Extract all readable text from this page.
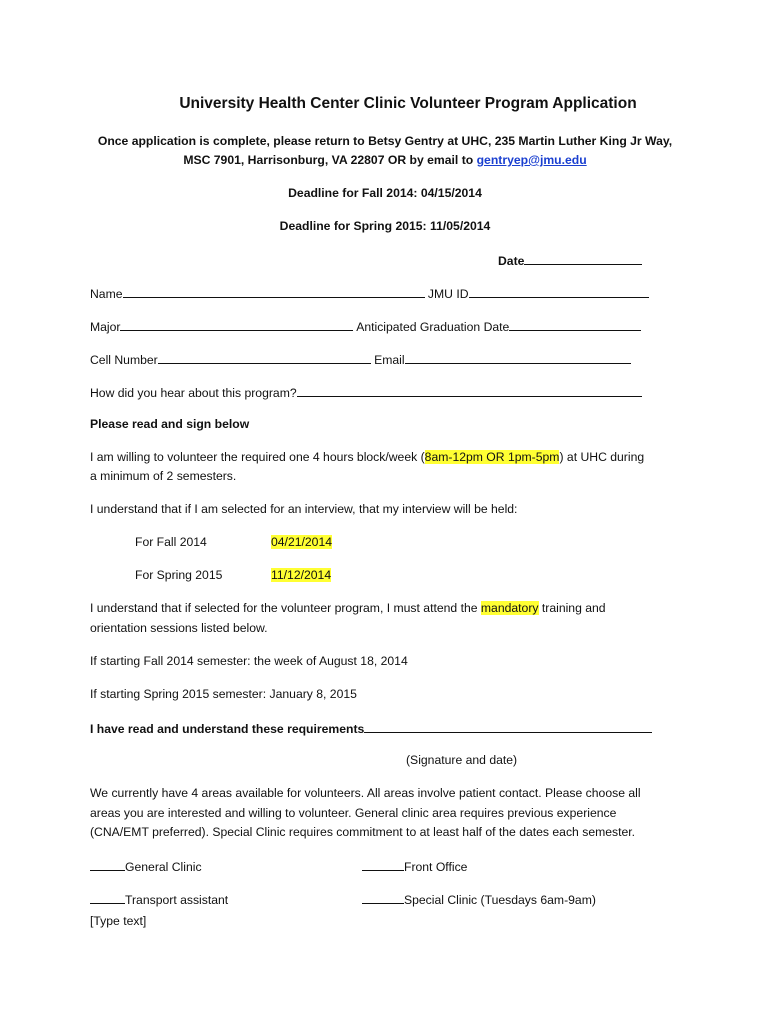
University Health Center Clinic Volunteer Program Application
Once application is complete, please return to Betsy Gentry at UHC, 235 Martin Luther King Jr Way,
MSC 7901, Harrisonburg, VA 22807 OR by email to gentryep@jmu.edu
Deadline for Fall 2014: 04/15/2014
Deadline for Spring 2015: 11/05/2014
Date
Name	JMU ID
Major	Anticipated Graduation Date
Cell Number	Email
How did you hear about this program?
Please read and sign below
I am willing to volunteer the required one 4 hours block/week (8am-12pm OR 1pm-5pm) at UHC during
a minimum of 2 semesters.
I understand that if I am selected for an interview, that my interview will be held:
For Fall 2014	04/21/2014
For Spring 2015	11/12/2014
I understand that if selected for the volunteer program, I must attend the mandatory training and
orientation sessions listed below.
If starting Fall 2014 semester: the week of August 18, 2014
If starting Spring 2015 semester: January 8, 2015
I have read and understand these requirements
(Signature and date)
We currently have 4 areas available for volunteers. All areas involve patient contact. Please choose all
areas you are interested and willing to volunteer. General clinic area requires previous experience
(CNA/EMT preferred). Special Clinic requires commitment to at least half of the dates each semester.
General Clinic	Front Office
Transport assistant	Special Clinic (Tuesdays 6am-9am)
[Type text]
